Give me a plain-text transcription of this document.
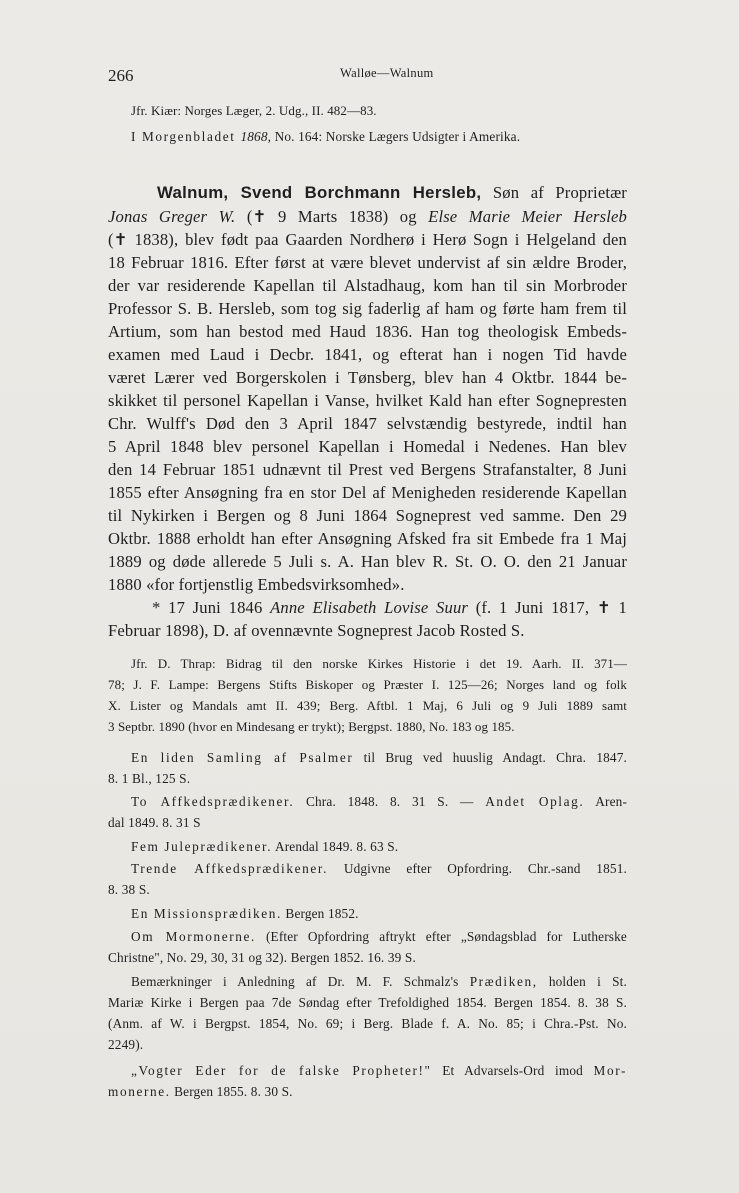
266	Walløe—Walnum
Jfr. Kiær: Norges Læger, 2. Udg., II. 482—83.
I Morgenbladet 1868, No. 164: Norske Lægers Udsigter i Amerika.
Walnum, Svend Borchmann Hersleb, Søn af Proprietær
Jonas Greger W. (✝ 9 Marts 1838) og Else Marie Meier Hersleb
(✝ 1838), blev født paa Gaarden Nordherø i Herø Sogn i Helgeland den
18 Februar 1816. Efter først at være blevet undervist af sin ældre Broder,
der var residerende Kapellan til Alstadhaug, kom han til sin Morbroder
Professor S. B. Hersleb, som tog sig faderlig af ham og førte ham frem til
Artium, som han bestod med Haud 1836. Han tog theologisk Embeds-
examen med Laud i Decbr. 1841, og efterat han i nogen Tid havde
været Lærer ved Borgerskolen i Tønsberg, blev han 4 Oktbr. 1844 be-
skikket til personel Kapellan i Vanse, hvilket Kald han efter Sognepresten
Chr. Wulff's Død den 3 April 1847 selvstændig bestyrede, indtil han
5 April 1848 blev personel Kapellan i Homedal i Nedenes. Han blev
den 14 Februar 1851 udnævnt til Prest ved Bergens Strafanstalter, 8 Juni
1855 efter Ansøgning fra en stor Del af Menigheden residerende Kapellan
til Nykirken i Bergen og 8 Juni 1864 Sogneprest ved samme. Den 29
Oktbr. 1888 erholdt han efter Ansøgning Afsked fra sit Embede fra 1 Maj
1889 og døde allerede 5 Juli s. A. Han blev R. St. O. O. den 21 Januar
1880 «for fortjenstlig Embedsvirksomhed».
* 17 Juni 1846 Anne Elisabeth Lovise Suur (f. 1 Juni 1817, ✝ 1
Februar 1898), D. af ovennævnte Sogneprest Jacob Rosted S.
Jfr. D. Thrap: Bidrag til den norske Kirkes Historie i det 19. Aarh. II. 371—
78; J. F. Lampe: Bergens Stifts Biskoper og Præster I. 125—26; Norges land og folk
X. Lister og Mandals amt II. 439; Berg. Aftbl. 1 Maj, 6 Juli og 9 Juli 1889 samt
3 Septbr. 1890 (hvor en Mindesang er trykt); Bergpst. 1880, No. 183 og 185.
En liden Samling af Psalmer til Brug ved huuslig Andagt. Chra. 1847.
8. 1 Bl., 125 S.
To Affkedsprædikener. Chra. 1848. 8. 31 S. — Andet Oplag. Aren-
dal 1849. 8. 31 S
Fem Juleprædikener. Arendal 1849. 8. 63 S.
Trende Affkedsprædikener. Udgivne efter Opfordring. Chr.-sand 1851.
8. 38 S.
En Missionsprædiken. Bergen 1852.
Om Mormonerne. (Efter Opfordring aftrykt efter „Søndagsblad for Lutherske
Christne", No. 29, 30, 31 og 32). Bergen 1852. 16. 39 S.
Bemærkninger i Anledning af Dr. M. F. Schmalz's Prædiken, holden i St.
Mariæ Kirke i Bergen paa 7de Søndag efter Trefoldighed 1854. Bergen 1854. 8. 38 S.
(Anm. af W. i Bergpst. 1854, No. 69; i Berg. Blade f. A. No. 85; i Chra.-Pst. No.
2249).
„Vogter Eder for de falske Propheter!" Et Advarsels-Ord imod Mor-
monerne. Bergen 1855. 8. 30 S.
